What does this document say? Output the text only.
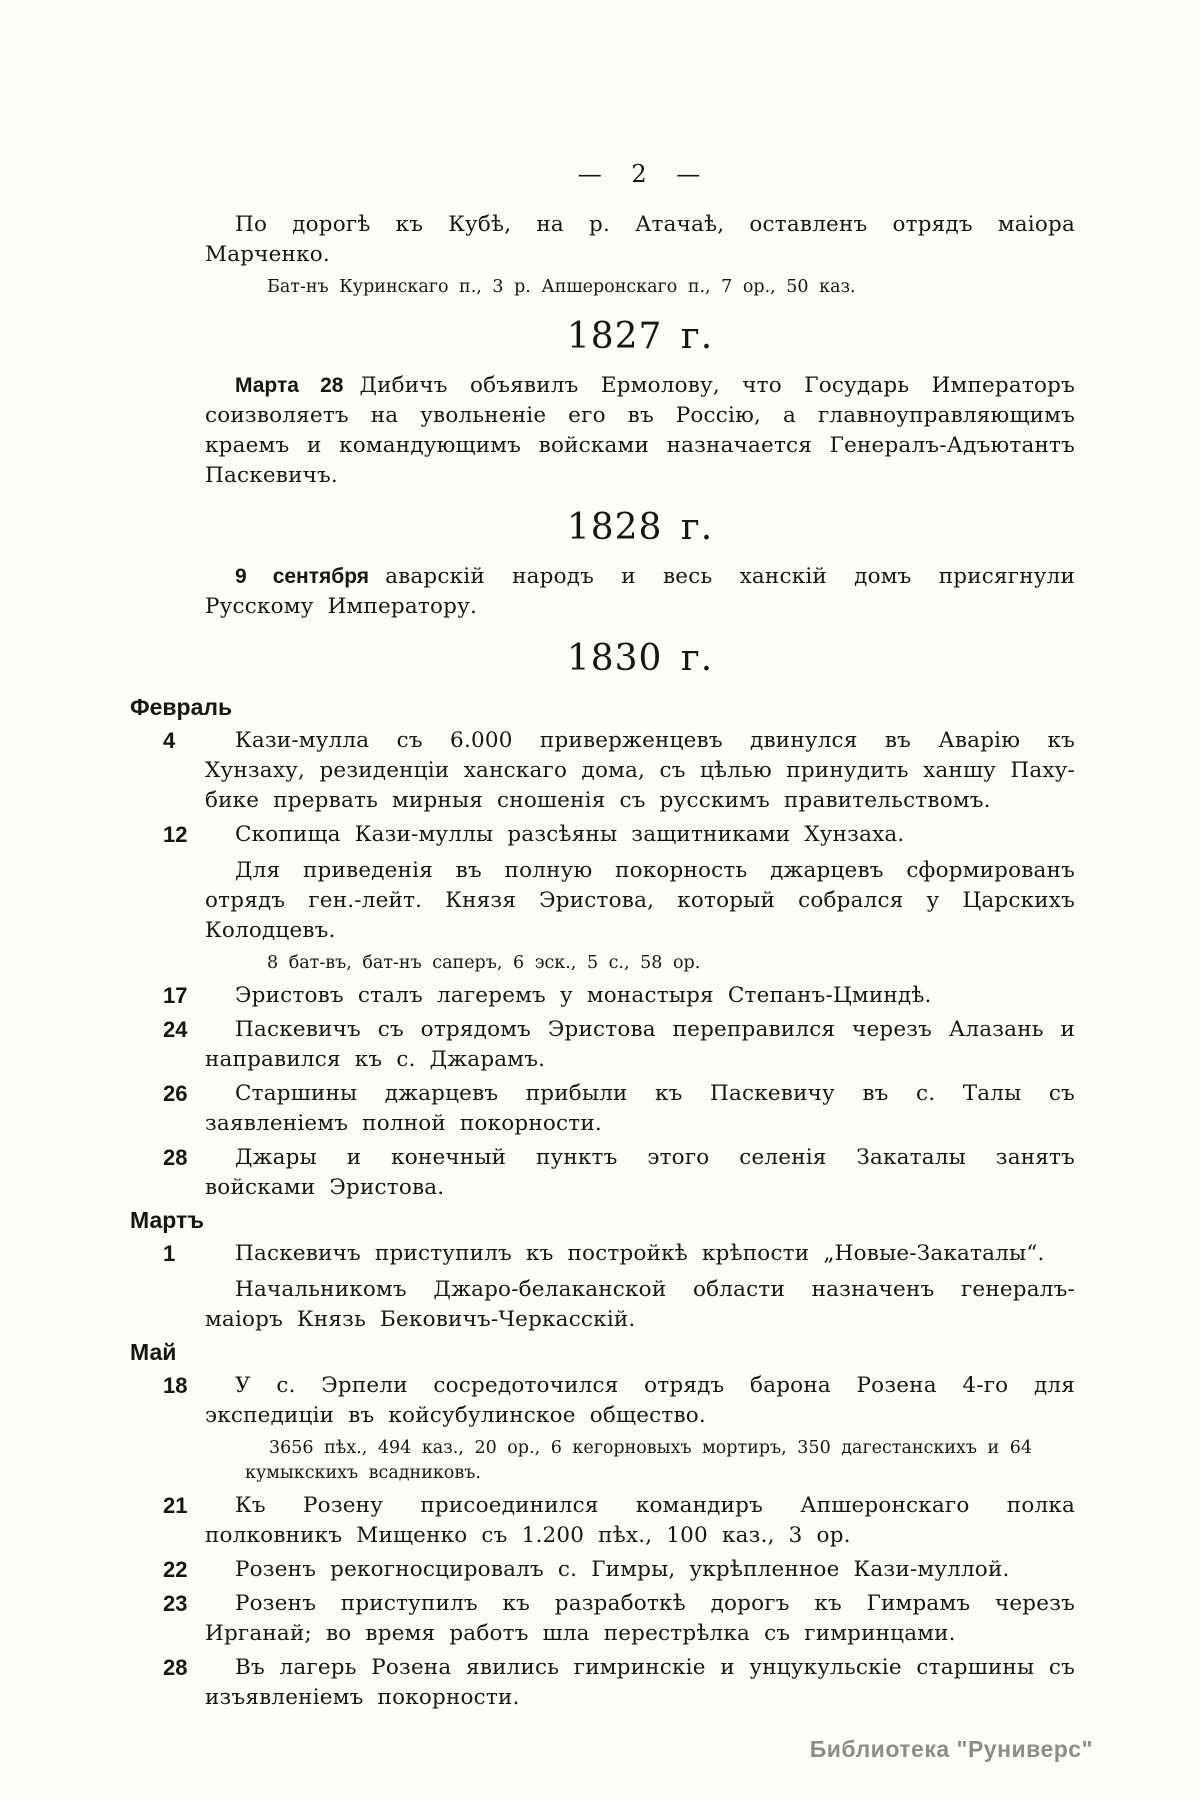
— 2 —

По дорогѣ къ Кубѣ, на р. Атачаѣ, оставленъ отрядъ маіора Марченко.

Бат-нъ Куринскаго п., 3 р. Апшеронскаго п., 7 ор., 50 каз.
1827 г.

Марта 28 Дибичъ объявилъ Ермолову, что Государь Императоръ соизволяетъ на увольненіе его въ Россію, а главноуправляющимъ краемъ и командующимъ войсками назначается Генералъ-Адъютантъ Паскевичъ.

1828 г.

9 сентября аварскій народъ и весь ханскій домъ присягнули Русскому Императору.

1830 г.
Февраль
4	Кази-мулла съ 6.000 приверженцевъ двинулся въ Аварію къ Хунзаху, резиденціи ханскаго дома, съ цѣлью принудить ханшу Паху-бике прервать мирныя сношенія съ русскимъ правительствомъ.

12	Скопища Кази-муллы разсѣяны защитниками Хунзаха.

Для приведенія въ полную покорность джарцевъ сформированъ отрядъ ген.-лейт. Князя Эристова, который собрался у Царскихъ Колодцевъ.

8 бат-въ, бат-нъ саперъ, 6 эск., 5 с., 58 ор.
17	Эристовъ сталъ лагеремъ у монастыря Степанъ-Цминдѣ.

24	Паскевичъ съ отрядомъ Эристова переправился черезъ Алазань и направился къ с. Джарамъ.

26	Старшины джарцевъ прибыли къ Паскевичу въ с. Талы съ заявленіемъ полной покорности.

28	Джары и конечный пунктъ этого селенія Закаталы занятъ войсками Эристова.

Мартъ
1	Паскевичъ приступилъ къ постройкѣ крѣпости „Новые-Закаталы“.

Начальникомъ Джаро-белаканской области назначенъ генералъ-маіоръ Князь Бековичъ-Черкасскій.

Май
18	У с. Эрпели сосредоточился отрядъ барона Розена 4-го для экспедиціи въ койсубулинское общество.

3656 пѣх., 494 каз., 20 ор., 6 кегорновыхъ мортиръ, 350 дагестанскихъ и 64 кумыкскихъ всадниковъ.
21	Къ Розену присоединился командиръ Апшеронскаго полка полковникъ Мищенко съ 1.200 пѣх., 100 каз., 3 ор.

22	Розенъ рекогносцировалъ с. Гимры, укрѣпленное Кази-муллой.

23	Розенъ приступилъ къ разработкѣ дорогъ къ Гимрамъ черезъ Ирганай; во время работъ шла перестрѣлка съ гимринцами.

28	Въ лагерь Розена явились гимринскіе и унцукульскіе старшины съ изъявленіемъ покорности.

Библиотека "Руниверс"
